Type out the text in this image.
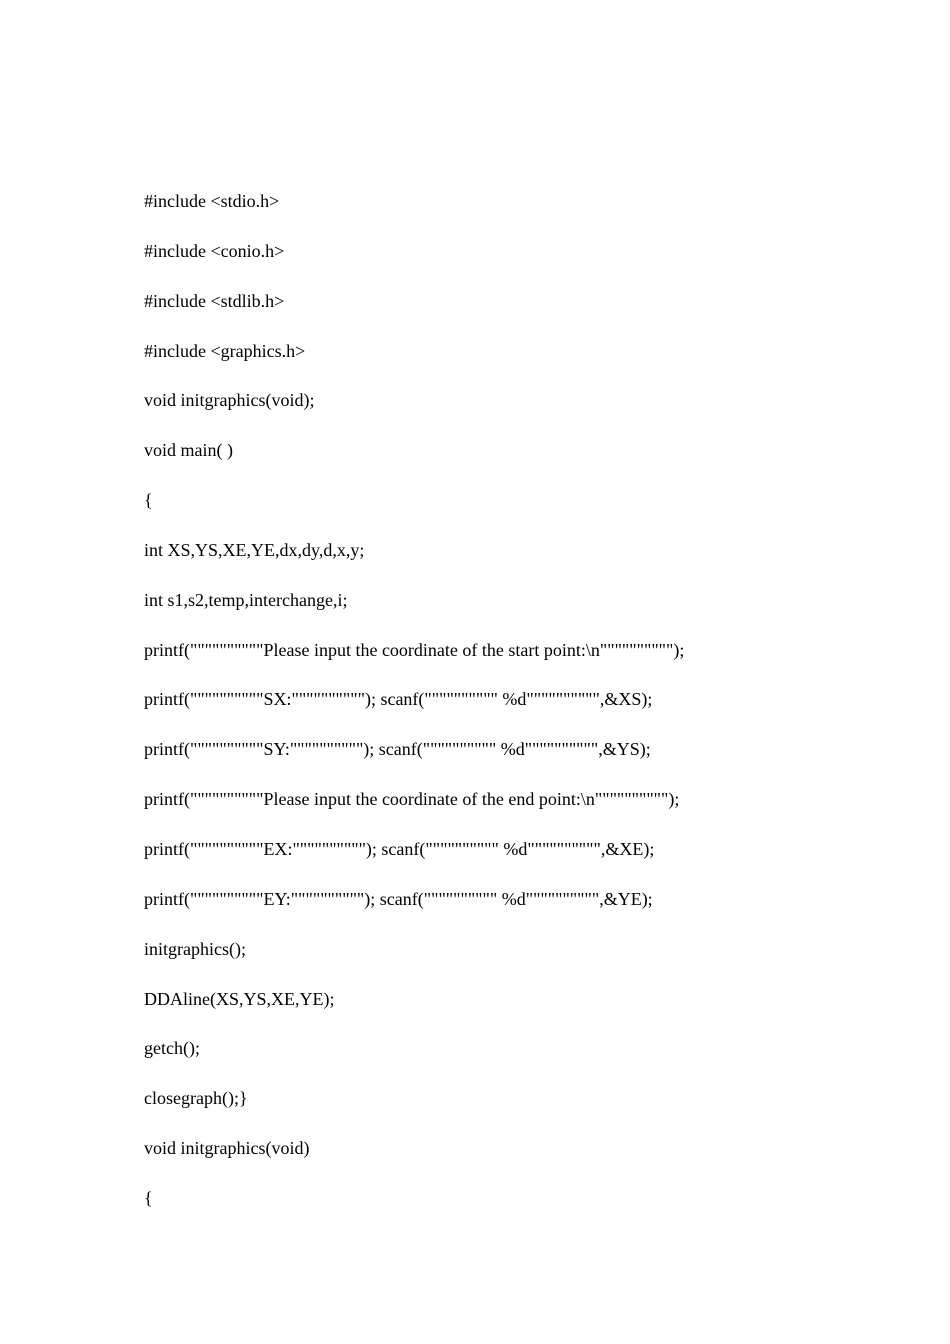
#include <stdio.h>
#include <conio.h>
#include <stdlib.h>
#include <graphics.h>
void initgraphics(void);
void main( )
{
int XS,YS,XE,YE,dx,dy,d,x,y;
int s1,s2,temp,interchange,i;
printf(""""""""""Please input the coordinate of the start point:\n"""""""""");
printf(""""""""""SX:""""""""""); scanf("""""""""" %d"""""""""",&XS);
printf(""""""""""SY:""""""""""); scanf("""""""""" %d"""""""""",&YS);
printf(""""""""""Please input the coordinate of the end point:\n"""""""""");
printf(""""""""""EX:""""""""""); scanf("""""""""" %d"""""""""",&XE);
printf(""""""""""EY:""""""""""); scanf("""""""""" %d"""""""""",&YE);
initgraphics();
DDAline(XS,YS,XE,YE);
getch();
closegraph();}
void initgraphics(void)
{
